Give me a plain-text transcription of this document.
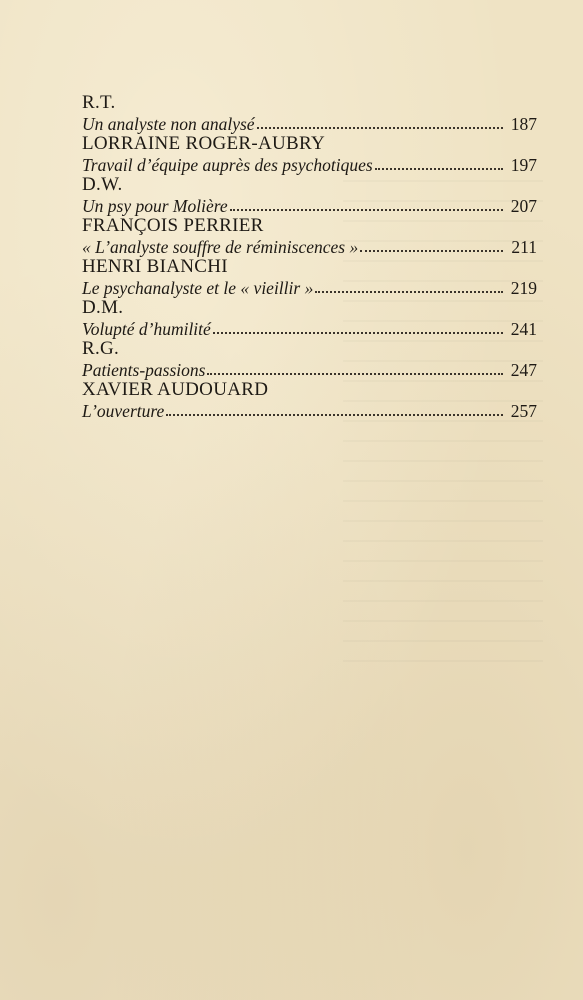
R.T.
Un analyste non analysé	187
LORRAINE ROGER-AUBRY
Travail d’équipe auprès des psychotiques	197
D.W.
Un psy pour Molière	207
FRANÇOIS PERRIER
« L’analyste souffre de réminiscences »	211
HENRI BIANCHI
Le psychanalyste et le « vieillir »	219
D.M.
Volupté d’humilité	241
R.G.
Patients-passions	247
XAVIER AUDOUARD
L’ouverture	257
